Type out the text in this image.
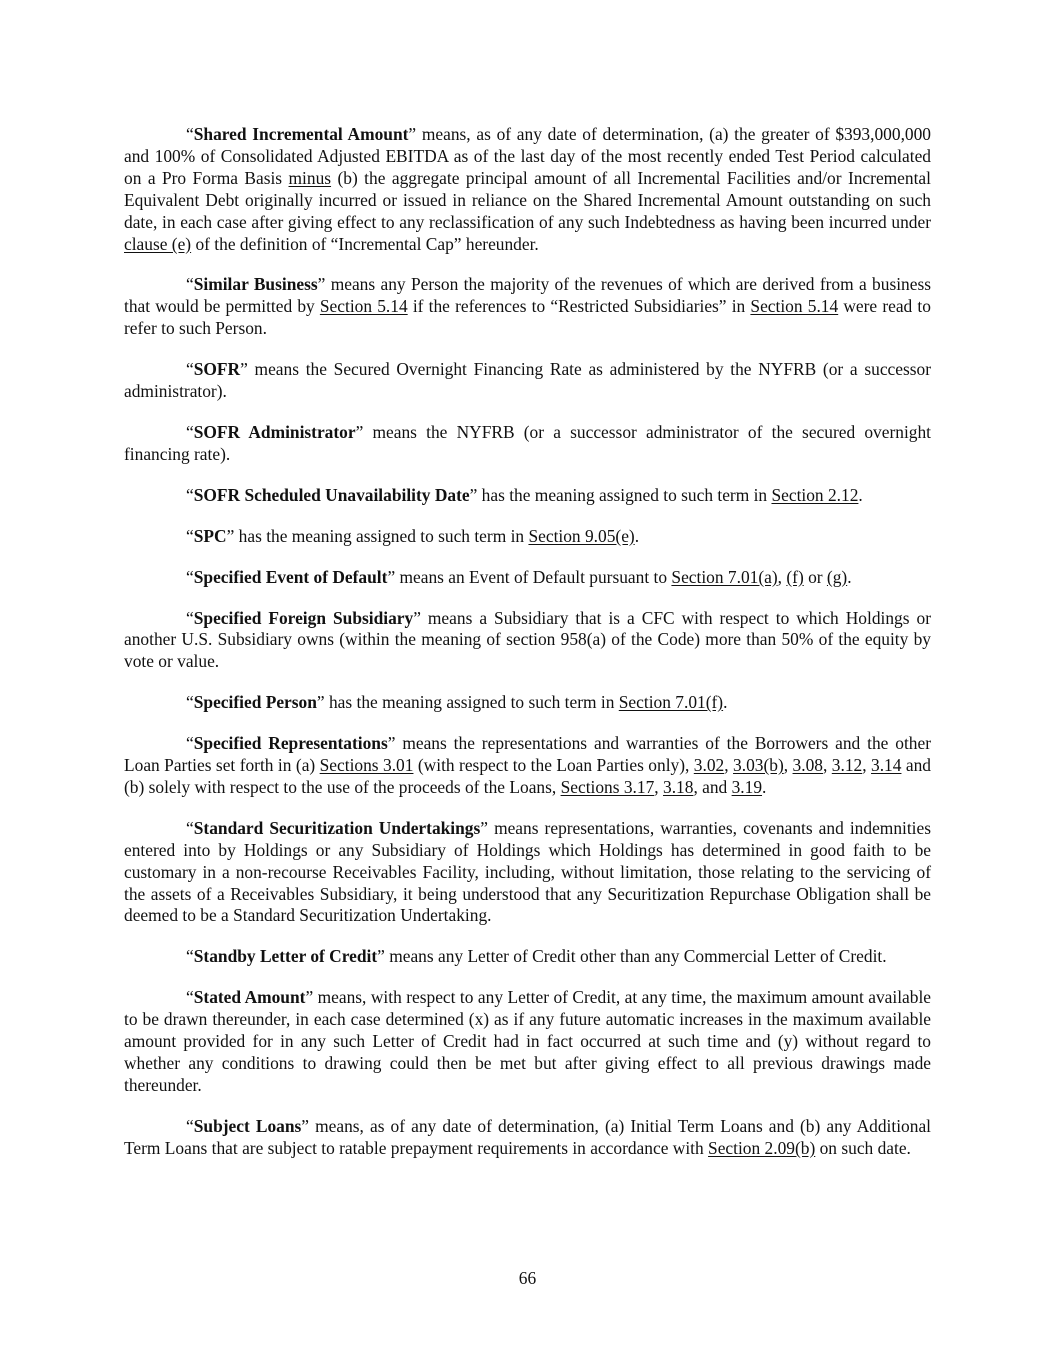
“Shared Incremental Amount” means, as of any date of determination, (a) the greater of $393,000,000 and 100% of Consolidated Adjusted EBITDA as of the last day of the most recently ended Test Period calculated on a Pro Forma Basis minus (b) the aggregate principal amount of all Incremental Facilities and/or Incremental Equivalent Debt originally incurred or issued in reliance on the Shared Incremental Amount outstanding on such date, in each case after giving effect to any reclassification of any such Indebtedness as having been incurred under clause (e) of the definition of “Incremental Cap” hereunder.

“Similar Business” means any Person the majority of the revenues of which are derived from a business that would be permitted by Section 5.14 if the references to “Restricted Subsidiaries” in Section 5.14 were read to refer to such Person.

“SOFR” means the Secured Overnight Financing Rate as administered by the NYFRB (or a successor administrator).

“SOFR Administrator” means the NYFRB (or a successor administrator of the secured overnight financing rate).

“SOFR Scheduled Unavailability Date” has the meaning assigned to such term in Section 2.12.

“SPC” has the meaning assigned to such term in Section 9.05(e).

“Specified Event of Default” means an Event of Default pursuant to Section 7.01(a), (f) or (g).

“Specified Foreign Subsidiary” means a Subsidiary that is a CFC with respect to which Holdings or another U.S. Subsidiary owns (within the meaning of section 958(a) of the Code) more than 50% of the equity by vote or value.

“Specified Person” has the meaning assigned to such term in Section 7.01(f).

“Specified Representations” means the representations and warranties of the Borrowers and the other Loan Parties set forth in (a) Sections 3.01 (with respect to the Loan Parties only), 3.02, 3.03(b), 3.08, 3.12, 3.14 and (b) solely with respect to the use of the proceeds of the Loans, Sections 3.17, 3.18, and 3.19.

“Standard Securitization Undertakings” means representations, warranties, covenants and indemnities entered into by Holdings or any Subsidiary of Holdings which Holdings has determined in good faith to be customary in a non-recourse Receivables Facility, including, without limitation, those relating to the servicing of the assets of a Receivables Subsidiary, it being understood that any Securitization Repurchase Obligation shall be deemed to be a Standard Securitization Undertaking.

“Standby Letter of Credit” means any Letter of Credit other than any Commercial Letter of Credit.

“Stated Amount” means, with respect to any Letter of Credit, at any time, the maximum amount available to be drawn thereunder, in each case determined (x) as if any future automatic increases in the maximum available amount provided for in any such Letter of Credit had in fact occurred at such time and (y) without regard to whether any conditions to drawing could then be met but after giving effect to all previous drawings made thereunder.

“Subject Loans” means, as of any date of determination, (a) Initial Term Loans and (b) any Additional Term Loans that are subject to ratable prepayment requirements in accordance with Section 2.09(b) on such date.

66
